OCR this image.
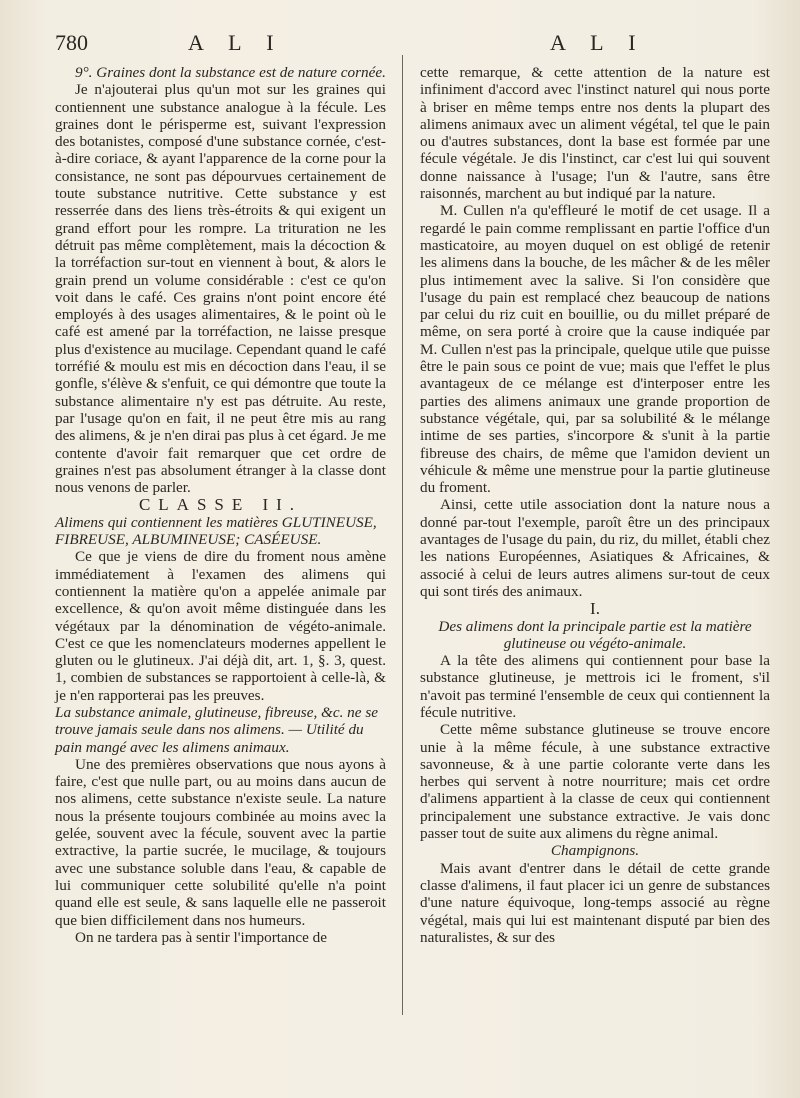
780	A L I	A L I

9°. Graines dont la substance est de nature cornée.

Je n'ajouterai plus qu'un mot sur les graines qui contiennent une substance analogue à la fécule. Les graines dont le périsperme est, suivant l'expression des botanistes, composé d'une substance cornée, c'est-à-dire coriace, & ayant l'apparence de la corne pour la consistance, ne sont pas dépourvues certainement de toute substance nutritive. Cette substance y est resserrée dans des liens très-étroits & qui exigent un grand effort pour les rompre. La trituration ne les détruit pas même complètement, mais la décoction & la torréfaction sur-tout en viennent à bout, & alors le grain prend un volume considérable : c'est ce qu'on voit dans le café. Ces grains n'ont point encore été employés à des usages alimentaires, & le point où le café est amené par la torréfaction, ne laisse presque plus d'existence au mucilage. Cependant quand le café torréfié & moulu est mis en décoction dans l'eau, il se gonfle, s'élève & s'enfuit, ce qui démontre que toute la substance alimentaire n'y est pas détruite. Au reste, par l'usage qu'on en fait, il ne peut être mis au rang des alimens, & je n'en dirai pas plus à cet égard. Je me contente d'avoir fait remarquer que cet ordre de graines n'est pas absolument étranger à la classe dont nous venons de parler.

CLASSE II.

Alimens qui contiennent les matières GLUTINEUSE, FIBREUSE, ALBUMINEUSE; CASÉEUSE.

Ce que je viens de dire du froment nous amène immédiatement à l'examen des alimens qui contiennent la matière qu'on a appelée animale par excellence, & qu'on avoit même distinguée dans les végétaux par la dénomination de végéto-animale. C'est ce que les nomenclateurs modernes appellent le gluten ou le glutineux. J'ai déjà dit, art. 1, §. 3, quest. 1, combien de substances se rapportoient à celle-là, & je n'en rapporterai pas les preuves.

La substance animale, glutineuse, fibreuse, &c. ne se trouve jamais seule dans nos alimens. — Utilité du pain mangé avec les alimens animaux.

Une des premières observations que nous ayons à faire, c'est que nulle part, ou au moins dans aucun de nos alimens, cette substance n'existe seule. La nature nous la présente toujours combinée au moins avec la gelée, souvent avec la fécule, souvent avec la partie extractive, la partie sucrée, le mucilage, & toujours avec une substance soluble dans l'eau, & capable de lui communiquer cette solubilité qu'elle n'a point quand elle est seule, & sans laquelle elle ne passeroit que bien difficilement dans nos humeurs.

On ne tardera pas à sentir l'importance de

cette remarque, & cette attention de la nature est infiniment d'accord avec l'instinct naturel qui nous porte à briser en même temps entre nos dents la plupart des alimens animaux avec un aliment végétal, tel que le pain ou d'autres substances, dont la base est formée par une fécule végétale. Je dis l'instinct, car c'est lui qui souvent donne naissance à l'usage; l'un & l'autre, sans être raisonnés, marchent au but indiqué par la nature.

M. Cullen n'a qu'effleuré le motif de cet usage. Il a regardé le pain comme remplissant en partie l'office d'un masticatoire, au moyen duquel on est obligé de retenir les alimens dans la bouche, de les mâcher & de les mêler plus intimement avec la salive. Si l'on considère que l'usage du pain est remplacé chez beaucoup de nations par celui du riz cuit en bouillie, ou du millet préparé de même, on sera porté à croire que la cause indiquée par M. Cullen n'est pas la principale, quelque utile que puisse être le pain sous ce point de vue; mais que l'effet le plus avantageux de ce mélange est d'interposer entre les parties des alimens animaux une grande proportion de substance végétale, qui, par sa solubilité & le mélange intime de ses parties, s'incorpore & s'unit à la partie fibreuse des chairs, de même que l'amidon devient un véhicule & même une menstrue pour la partie glutineuse du froment.

Ainsi, cette utile association dont la nature nous a donné par-tout l'exemple, paroît être un des principaux avantages de l'usage du pain, du riz, du millet, établi chez les nations Européennes, Asiatiques & Africaines, & associé à celui de leurs autres alimens sur-tout de ceux qui sont tirés des animaux.

I.

Des alimens dont la principale partie est la matière glutineuse ou végéto-animale.

A la tête des alimens qui contiennent pour base la substance glutineuse, je mettrois ici le froment, s'il n'avoit pas terminé l'ensemble de ceux qui contiennent la fécule nutritive.

Cette même substance glutineuse se trouve encore unie à la même fécule, à une substance extractive savonneuse, & à une partie colorante verte dans les herbes qui servent à notre nourriture; mais cet ordre d'alimens appartient à la classe de ceux qui contiennent principalement une substance extractive. Je vais donc passer tout de suite aux alimens du règne animal.

Champignons.

Mais avant d'entrer dans le détail de cette grande classe d'alimens, il faut placer ici un genre de substances d'une nature équivoque, long-temps associé au règne végétal, mais qui lui est maintenant disputé par bien des naturalistes, & sur des
